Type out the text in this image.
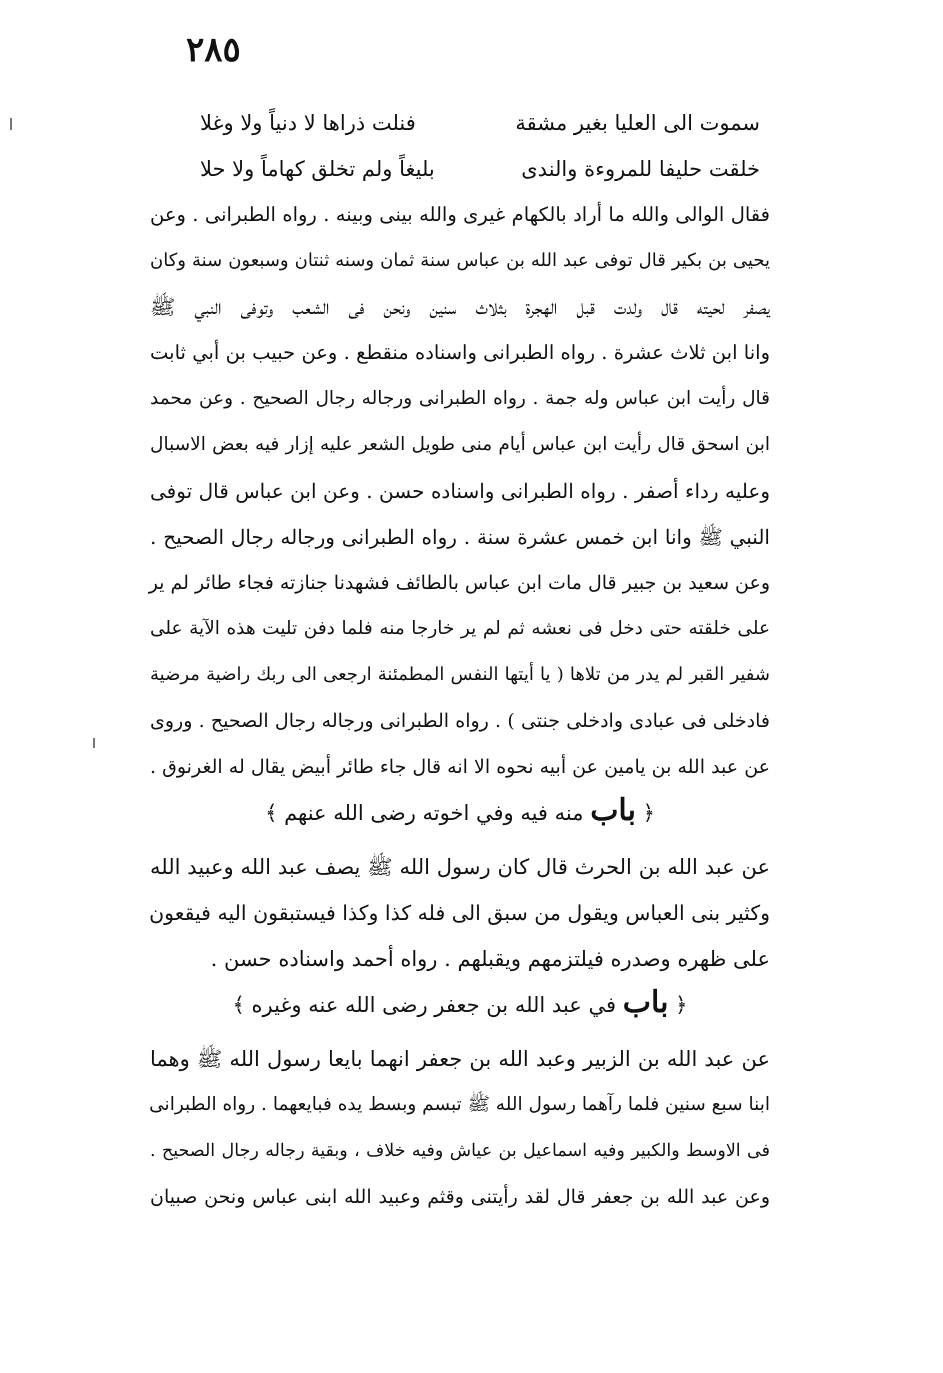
٢٨٥
سموت الى العليا بغير مشقة
فنلت ذراها لا دنياً ولا وغلا
خلقت حليفا للمروءة والندى
بليغاً ولم تخلق كهاماً ولا حلا
فقال الوالى والله ما أراد بالكهام غيرى والله بينى وبينه . رواه الطبرانى . وعن
يحيى بن بكير قال توفى عبد الله بن عباس سنة ثمان وسنه ثنتان وسبعون سنة وكان
يصفر لحيته قال ولدت قبل الهجرة بثلاث سنين ونحن فى الشعب وتوفى النبي ﷺ
وانا ابن ثلاث عشرة . رواه الطبرانى واسناده منقطع . وعن حبيب بن أبي ثابت
قال رأيت ابن عباس وله جمة . رواه الطبرانى ورجاله رجال الصحيح . وعن محمد
ابن اسحق قال رأيت ابن عباس أيام منى طويل الشعر عليه إزار فيه بعض الاسبال
وعليه رداء أصفر . رواه الطبرانى واسناده حسن . وعن ابن عباس قال توفى
النبي ﷺ وانا ابن خمس عشرة سنة . رواه الطبرانى ورجاله رجال الصحيح .
وعن سعيد بن جبير قال مات ابن عباس بالطائف فشهدنا جنازته فجاء طائر لم ير
على خلقته حتى دخل فى نعشه ثم لم ير خارجا منه فلما دفن تليت هذه الآية على
شفير القبر لم يدر من تلاها ( يا أيتها النفس المطمئنة ارجعى الى ربك راضية مرضية
فادخلى فى عبادى وادخلى جنتى ) . رواه الطبرانى ورجاله رجال الصحيح . وروى
عن عبد الله بن يامين عن أبيه نحوه الا انه قال جاء طائر أبيض يقال له الغرنوق .
﴿ باب منه فيه وفي اخوته رضى الله عنهم ﴾
عن عبد الله بن الحرث قال كان رسول الله ﷺ يصف عبد الله وعبيد الله
وكثير بنى العباس ويقول من سبق الى فله كذا وكذا فيستبقون اليه فيقعون
على ظهره وصدره فيلتزمهم ويقبلهم . رواه أحمد واسناده حسن .
﴿ باب في عبد الله بن جعفر رضى الله عنه وغيره ﴾
عن عبد الله بن الزبير وعبد الله بن جعفر انهما بايعا رسول الله ﷺ وهما
ابنا سبع سنين فلما رآهما رسول الله ﷺ تبسم وبسط يده فبايعهما . رواه الطبرانى
فى الاوسط والكبير وفيه اسماعيل بن عياش وفيه خلاف ، وبقية رجاله رجال الصحيح .
وعن عبد الله بن جعفر قال لقد رأيتنى وقثم وعبيد الله ابنى عباس ونحن صبيان
